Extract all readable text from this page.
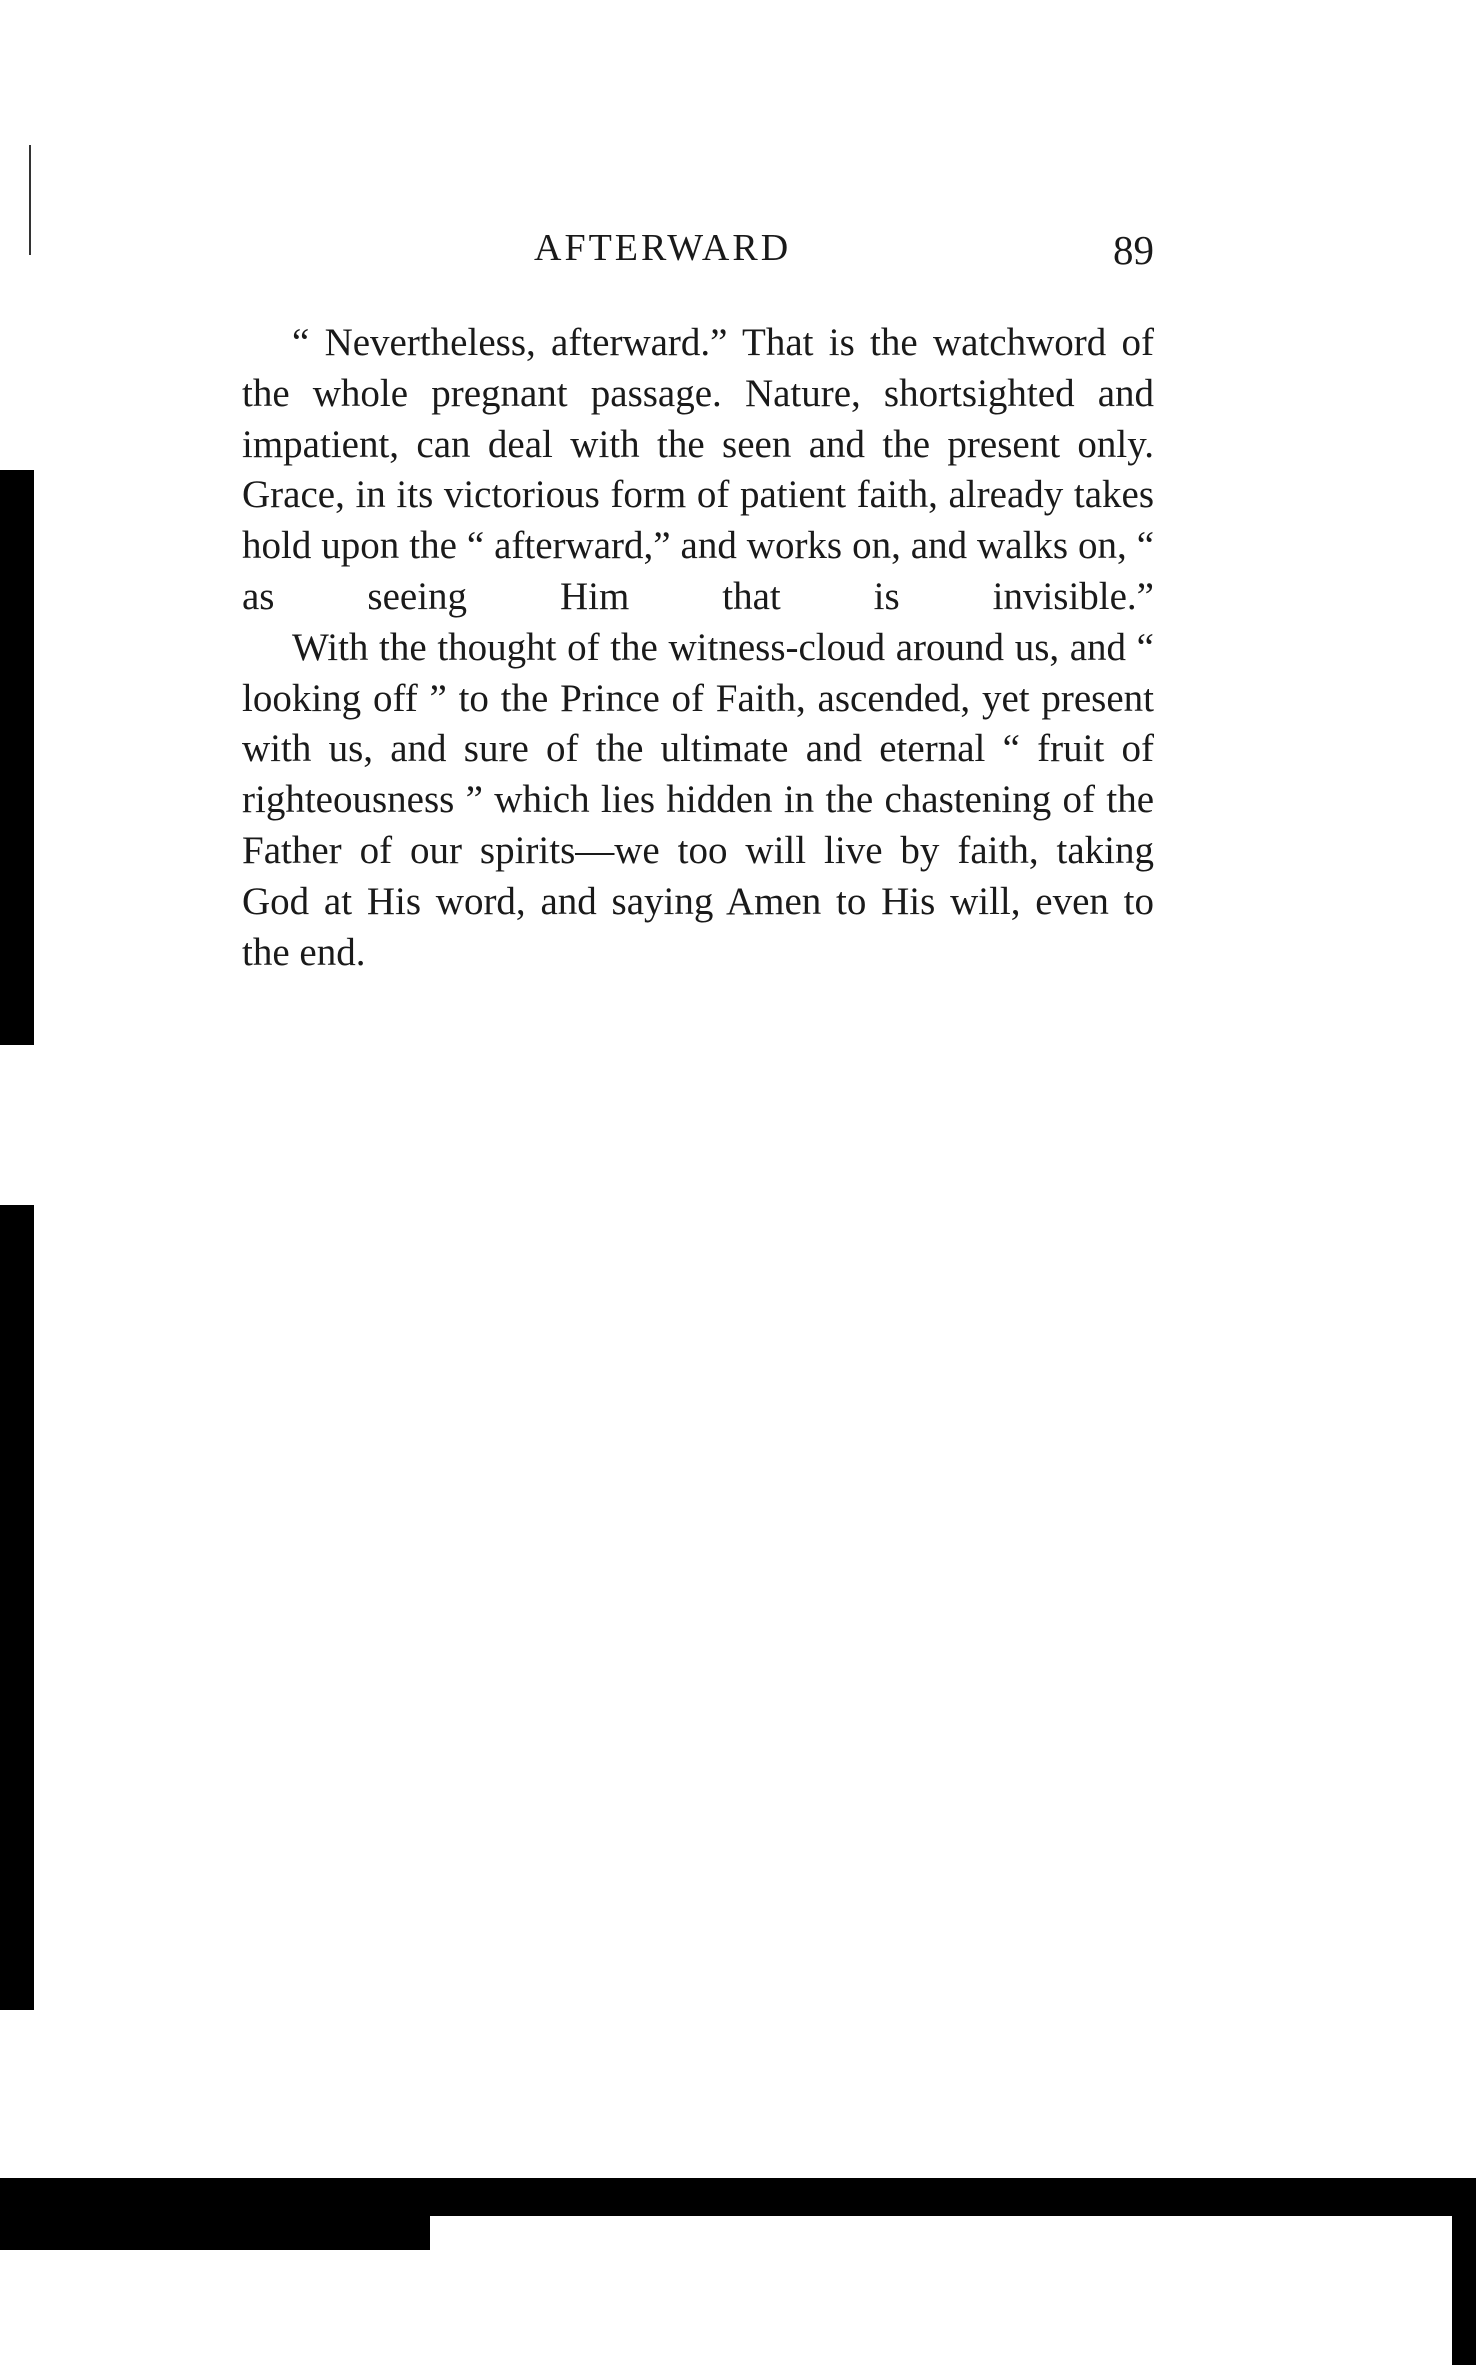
AFTERWARD	89

“ Nevertheless, afterward.” That is the watchword of the whole pregnant passage. Nature, shortsighted and impatient, can deal with the seen and the present only. Grace, in its victorious form of patient faith, already takes hold upon the “ afterward,” and works on, and walks on, “ as seeing Him that is invisible.”

With the thought of the witness-cloud around us, and “ looking off ” to the Prince of Faith, ascended, yet present with us, and sure of the ultimate and eternal “ fruit of righteousness ” which lies hidden in the chastening of the Father of our spirits—we too will live by faith, taking God at His word, and saying Amen to His will, even to the end.
